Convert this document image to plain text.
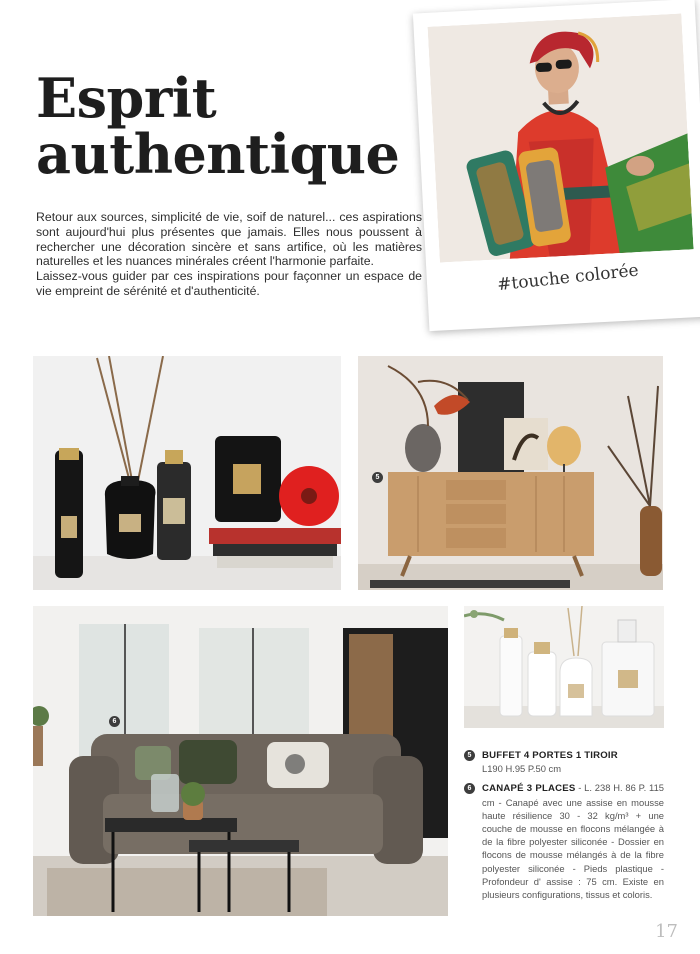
Esprit
authentique

Retour aux sources, simplicité de vie, soif de naturel... ces aspirations sont aujourd'hui plus présentes que jamais. Elles nous poussent à rechercher une décoration sincère et sans artifice, où les matières naturelles et les nuances minérales créent l'harmonie parfaite.

Laissez-vous guider par ces inspirations pour façonner un espace de vie empreint de sérénité et d'authenticité.	#touche colorée
5
6
5	BUFFET 4 PORTES 1 TIROIR
L190 H.95 P.50 cm
6	CANAPÉ 3 PLACES - L. 238 H. 86 P. 115 cm - Canapé avec une assise en mousse haute résilience 30 - 32 kg/m³ + une couche de mousse en flocons mélangée à de la fibre polyester siliconée - Dossier en flocons de mousse mélangés à de la fibre polyester siliconée - Pieds plastique - Profondeur d' assise : 75 cm. Existe en plusieurs configurations, tissus et coloris.
17
